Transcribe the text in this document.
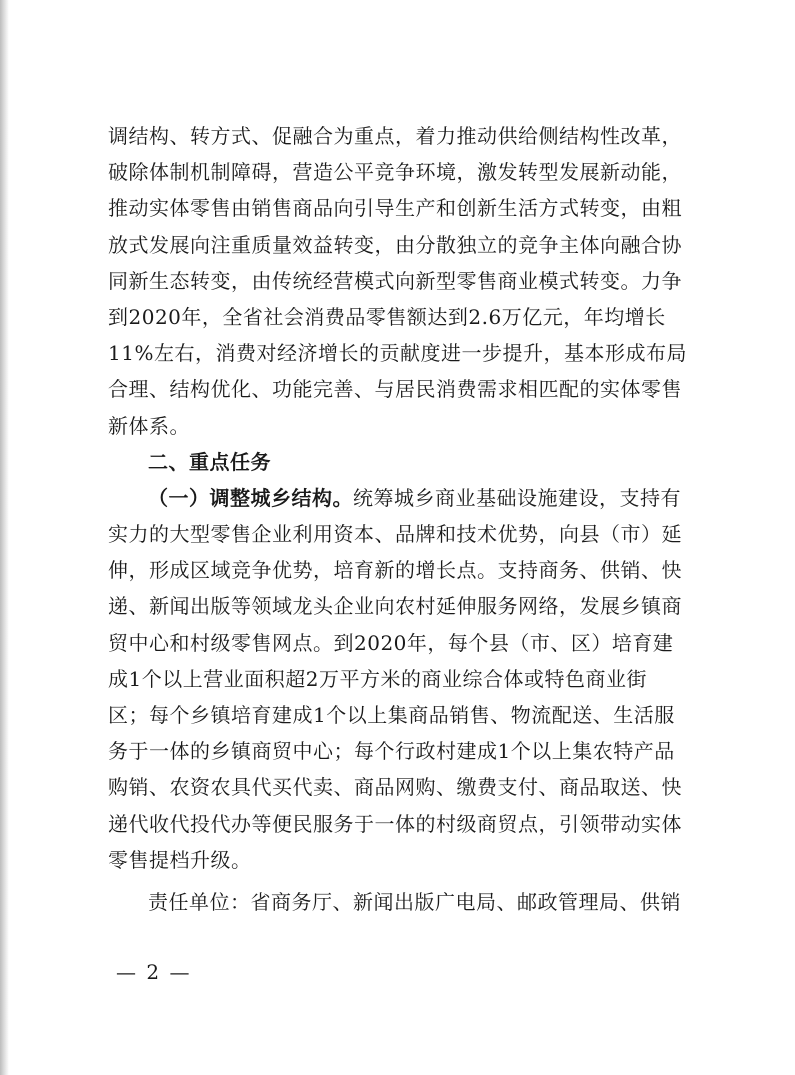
调结构、转方式、促融合为重点，着力推动供给侧结构性改革，
破除体制机制障碍，营造公平竞争环境，激发转型发展新动能，
推动实体零售由销售商品向引导生产和创新生活方式转变，由粗
放式发展向注重质量效益转变，由分散独立的竞争主体向融合协
同新生态转变，由传统经营模式向新型零售商业模式转变。力争
到2020年，全省社会消费品零售额达到2.6万亿元，年均增长
11%左右，消费对经济增长的贡献度进一步提升，基本形成布局
合理、结构优化、功能完善、与居民消费需求相匹配的实体零售
新体系。
二、重点任务
（一）调整城乡结构。统筹城乡商业基础设施建设，支持有
实力的大型零售企业利用资本、品牌和技术优势，向县（市）延
伸，形成区域竞争优势，培育新的增长点。支持商务、供销、快
递、新闻出版等领域龙头企业向农村延伸服务网络，发展乡镇商
贸中心和村级零售网点。到2020年，每个县（市、区）培育建
成1个以上营业面积超2万平方米的商业综合体或特色商业街
区；每个乡镇培育建成1个以上集商品销售、物流配送、生活服
务于一体的乡镇商贸中心；每个行政村建成1个以上集农特产品
购销、农资农具代买代卖、商品网购、缴费支付、商品取送、快
递代收代投代办等便民服务于一体的村级商贸点，引领带动实体
零售提档升级。
责任单位：省商务厅、新闻出版广电局、邮政管理局、供销
— 2 —
